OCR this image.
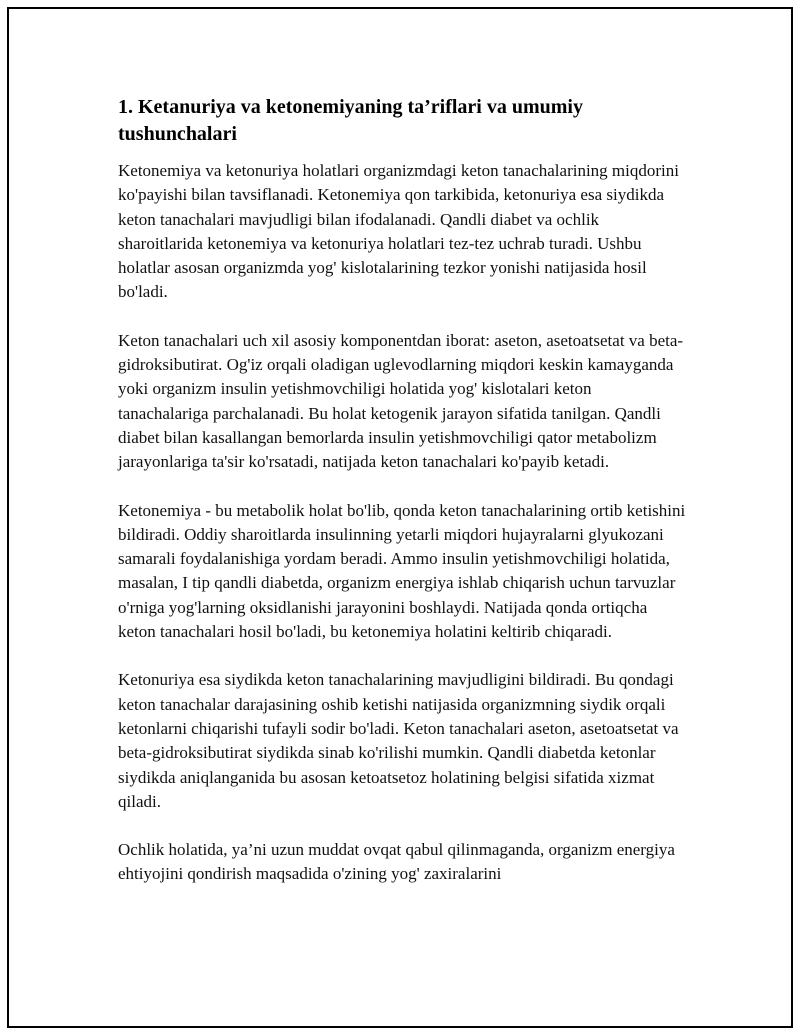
1. Ketanuriya va ketonemiyaning ta’riflari va umumiy tushunchalari

Ketonemiya va ketonuriya holatlari organizmdagi keton tanachalarining miqdorini ko'payishi bilan tavsiflanadi. Ketonemiya qon tarkibida, ketonuriya esa siydikda keton tanachalari mavjudligi bilan ifodalanadi. Qandli diabet va ochlik sharoitlarida ketonemiya va ketonuriya holatlari tez-tez uchrab turadi. Ushbu holatlar asosan organizmda yog' kislotalarining tezkor yonishi natijasida hosil bo'ladi.

Keton tanachalari uch xil asosiy komponentdan iborat: aseton, asetoatsetat va beta-gidroksibutirat. Og'iz orqali oladigan uglevodlarning miqdori keskin kamayganda yoki organizm insulin yetishmovchiligi holatida yog' kislotalari keton tanachalariga parchalanadi. Bu holat ketogenik jarayon sifatida tanilgan. Qandli diabet bilan kasallangan bemorlarda insulin yetishmovchiligi qator metabolizm jarayonlariga ta'sir ko'rsatadi, natijada keton tanachalari ko'payib ketadi.

Ketonemiya - bu metabolik holat bo'lib, qonda keton tanachalarining ortib ketishini bildiradi. Oddiy sharoitlarda insulinning yetarli miqdori hujayralarni glyukozani samarali foydalanishiga yordam beradi. Ammo insulin yetishmovchiligi holatida, masalan, I tip qandli diabetda, organizm energiya ishlab chiqarish uchun tarvuzlar o'rniga yog'larning oksidlanishi jarayonini boshlaydi. Natijada qonda ortiqcha keton tanachalari hosil bo'ladi, bu ketonemiya holatini keltirib chiqaradi.

Ketonuriya esa siydikda keton tanachalarining mavjudligini bildiradi. Bu qondagi keton tanachalar darajasining oshib ketishi natijasida organizmning siydik orqali ketonlarni chiqarishi tufayli sodir bo'ladi. Keton tanachalari aseton, asetoatsetat va beta-gidroksibutirat siydikda sinab ko'rilishi mumkin. Qandli diabetda ketonlar siydikda aniqlanganida bu asosan ketoatsetoz holatining belgisi sifatida xizmat qiladi.

Ochlik holatida, ya’ni uzun muddat ovqat qabul qilinmaganda, organizm energiya ehtiyojini qondirish maqsadida o'zining yog' zaxiralarini
